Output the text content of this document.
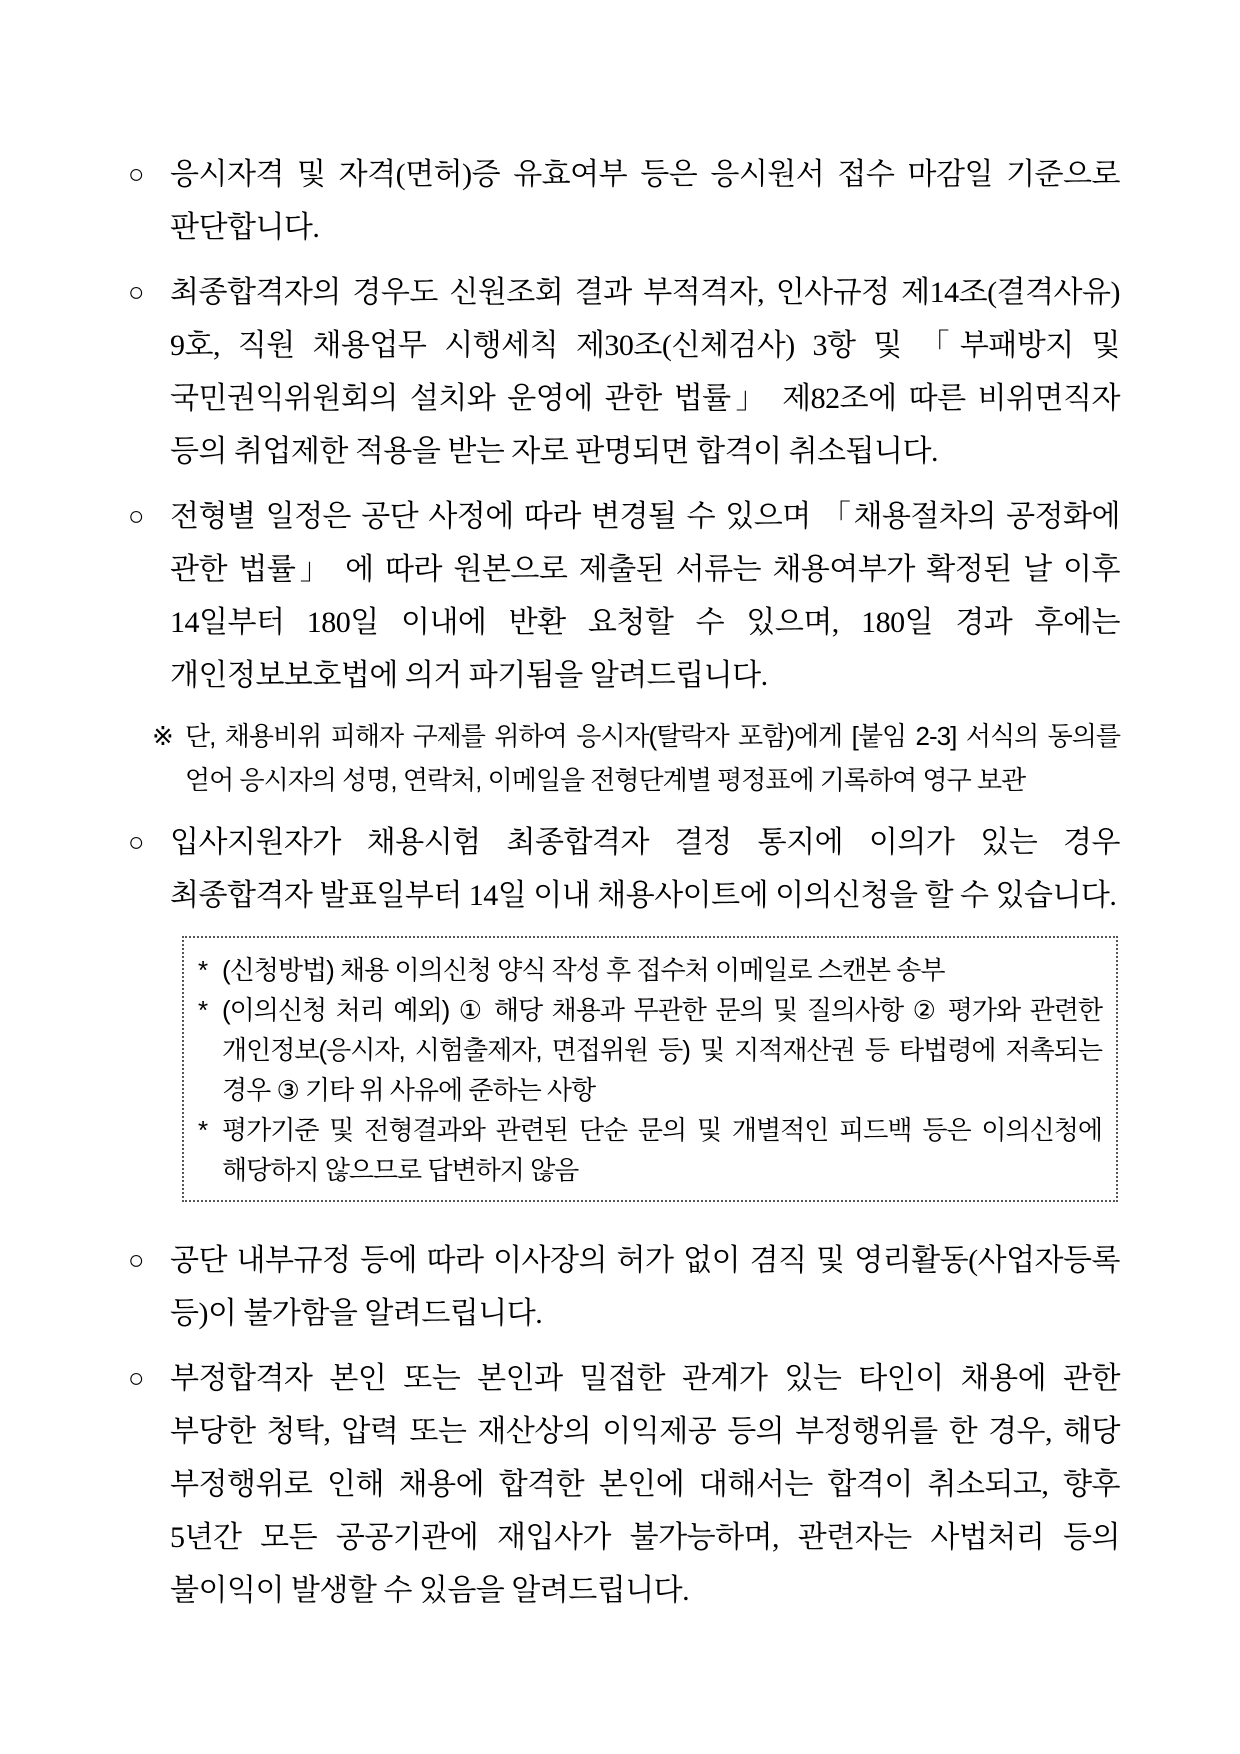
○ 응시자격 및 자격(면허)증 유효여부 등은 응시원서 접수 마감일 기준으로 판단합니다.
○ 최종합격자의 경우도 신원조회 결과 부적격자, 인사규정 제14조(결격사유) 9호, 직원 채용업무 시행세칙 제30조(신체검사) 3항 및 「부패방지 및 국민권익위원회의 설치와 운영에 관한 법률」 제82조에 따른 비위면직자 등의 취업제한 적용을 받는 자로 판명되면 합격이 취소됩니다.
○ 전형별 일정은 공단 사정에 따라 변경될 수 있으며 「채용절차의 공정화에 관한 법률」 에 따라 원본으로 제출된 서류는 채용여부가 확정된 날 이후 14일부터 180일 이내에 반환 요청할 수 있으며, 180일 경과 후에는 개인정보보호법에 의거 파기됨을 알려드립니다.
※ 단, 채용비위 피해자 구제를 위하여 응시자(탈락자 포함)에게 [붙임 2-3] 서식의 동의를 얻어 응시자의 성명, 연락처, 이메일을 전형단계별 평정표에 기록하여 영구 보관
○ 입사지원자가 채용시험 최종합격자 결정 통지에 이의가 있는 경우 최종합격자 발표일부터 14일 이내 채용사이트에 이의신청을 할 수 있습니다.
* (신청방법) 채용 이의신청 양식 작성 후 접수처 이메일로 스캔본 송부
* (이의신청 처리 예외) ① 해당 채용과 무관한 문의 및 질의사항 ② 평가와 관련한 개인정보(응시자, 시험출제자, 면접위원 등) 및 지적재산권 등 타법령에 저촉되는 경우 ③ 기타 위 사유에 준하는 사항
* 평가기준 및 전형결과와 관련된 단순 문의 및 개별적인 피드백 등은 이의신청에 해당하지 않으므로 답변하지 않음
○ 공단 내부규정 등에 따라 이사장의 허가 없이 겸직 및 영리활동(사업자등록 등)이 불가함을 알려드립니다.
○ 부정합격자 본인 또는 본인과 밀접한 관계가 있는 타인이 채용에 관한 부당한 청탁, 압력 또는 재산상의 이익제공 등의 부정행위를 한 경우, 해당 부정행위로 인해 채용에 합격한 본인에 대해서는 합격이 취소되고, 향후 5년간 모든 공공기관에 재입사가 불가능하며, 관련자는 사법처리 등의 불이익이 발생할 수 있음을 알려드립니다.
